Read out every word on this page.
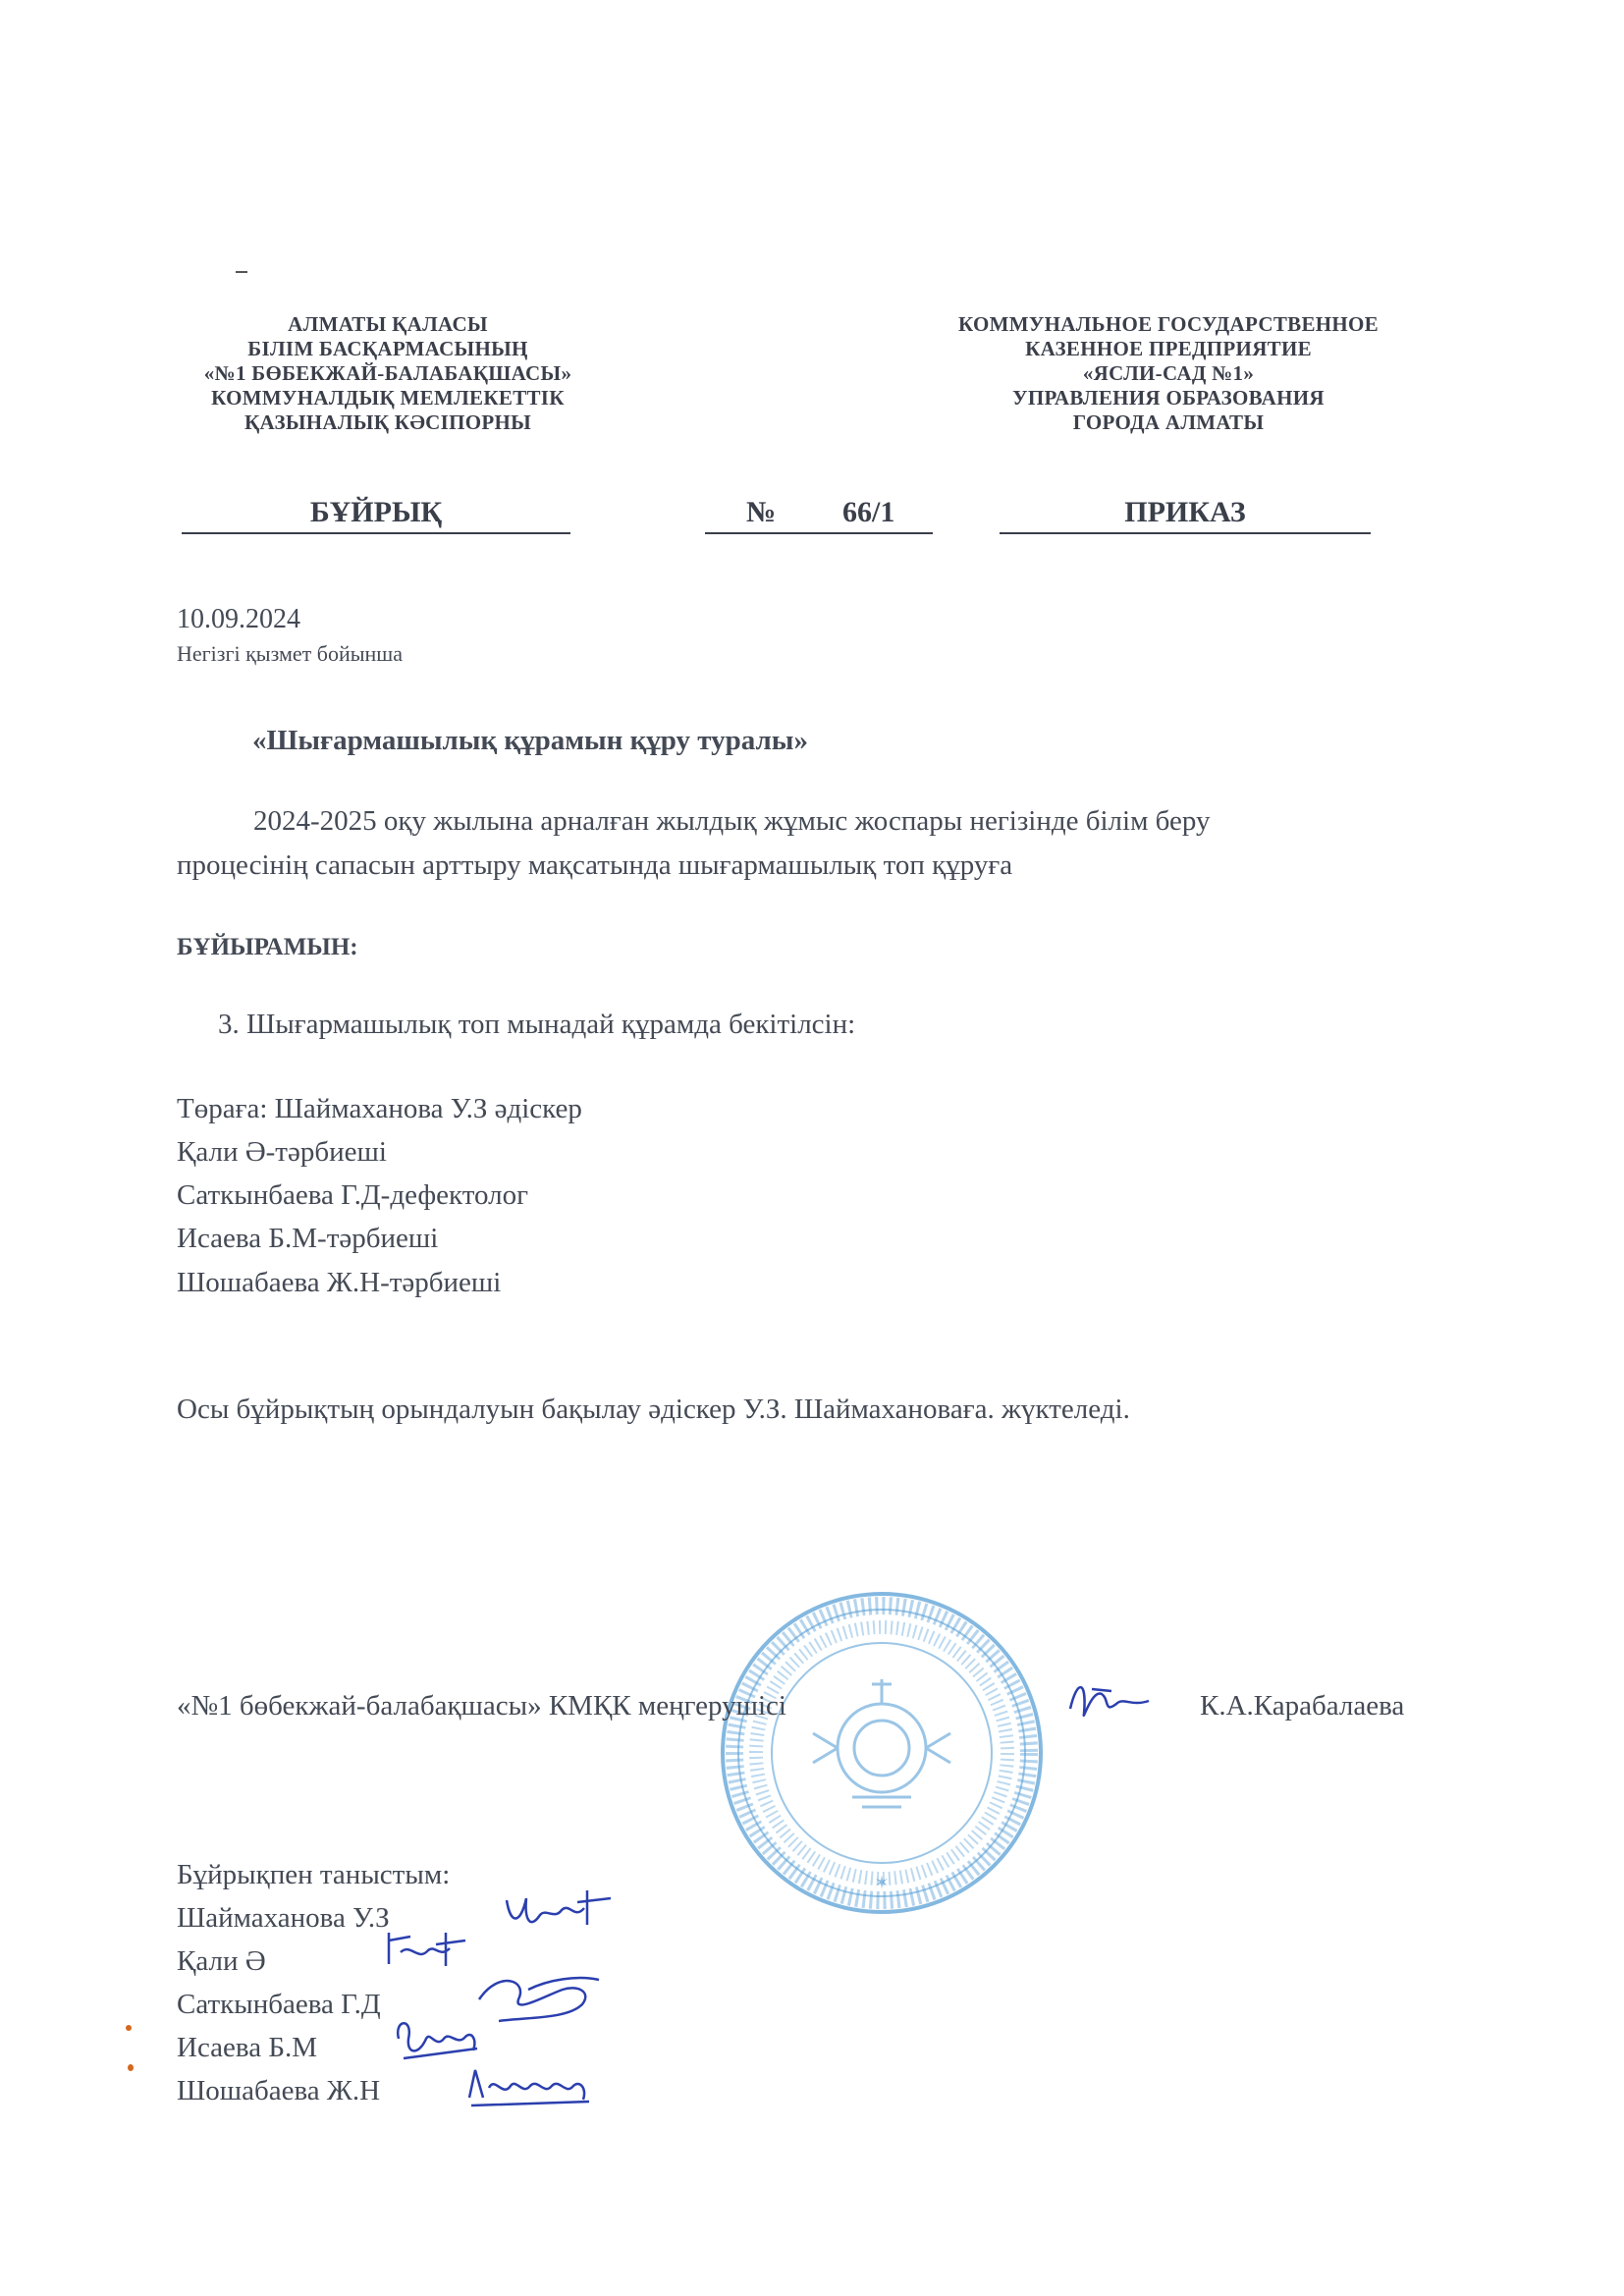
АЛМАТЫ ҚАЛАСЫ
БІЛІМ БАСҚАРМАСЫНЫҢ
«№1 БӨБЕКЖАЙ-БАЛАБАҚШАСЫ»
КОММУНАЛДЫҚ МЕМЛЕКЕТТІК
ҚАЗЫНАЛЫҚ КӘСІПОРНЫ
КОММУНАЛЬНОЕ ГОСУДАРСТВЕННОЕ
КАЗЕННОЕ ПРЕДПРИЯТИЕ
«ЯСЛИ-САД №1»
УПРАВЛЕНИЯ ОБРАЗОВАНИЯ
ГОРОДА АЛМАТЫ
БҰЙРЫҚ	№ 66/1	ПРИКАЗ
10.09.2024
Негізгі қызмет бойынша
«Шығармашылық құрамын құру туралы»
2024-2025 оқу жылына арналған жылдық жұмыс жоспары негізінде білім беру
процесінің сапасын арттыру мақсатында шығармашылық топ құруға
БҰЙЫРАМЫН:
3. Шығармашылық топ мынадай құрамда бекітілсін:
Төраға: Шаймаханова У.З әдіскер
Қали Ә-тәрбиеші
Саткынбаева Г.Д-дефектолог
Исаева Б.М-тәрбиеші
Шошабаева Ж.Н-тәрбиеші
Осы бұйрықтың орындалуын бақылау әдіскер У.З. Шаймахановаға. жүктеледі.
✶
«№1 бөбекжай-балабақшасы» КМҚК меңгерушісі	К.А.Карабалаева
Бұйрықпен таныстым:
Шаймаханова У.З
Қали Ә
Саткынбаева Г.Д
Исаева Б.М
Шошабаева Ж.Н
